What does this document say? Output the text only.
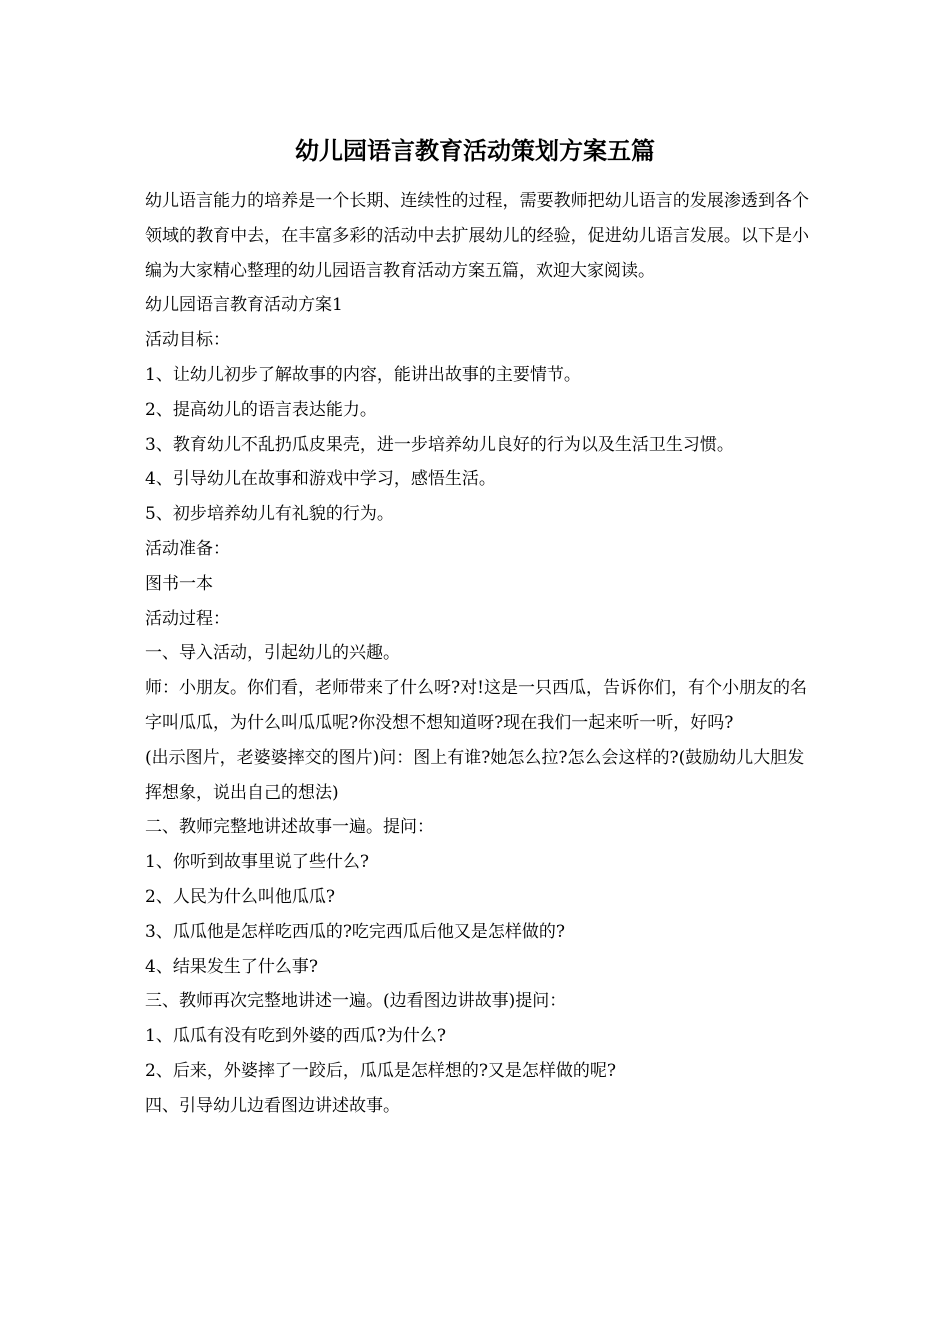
幼儿园语言教育活动策划方案五篇

幼儿语言能力的培养是一个长期、连续性的过程，需要教师把幼儿语言的发展渗透到各个领域的教育中去，在丰富多彩的活动中去扩展幼儿的经验，促进幼儿语言发展。以下是小编为大家精心整理的幼儿园语言教育活动方案五篇，欢迎大家阅读。

幼儿园语言教育活动方案1

活动目标：

1、让幼儿初步了解故事的内容，能讲出故事的主要情节。

2、提高幼儿的语言表达能力。

3、教育幼儿不乱扔瓜皮果壳，进一步培养幼儿良好的行为以及生活卫生习惯。

4、引导幼儿在故事和游戏中学习，感悟生活。

5、初步培养幼儿有礼貌的行为。

活动准备：

图书一本

活动过程：

一、导入活动，引起幼儿的兴趣。

师：小朋友。你们看，老师带来了什么呀?对!这是一只西瓜，告诉你们，有个小朋友的名字叫瓜瓜，为什么叫瓜瓜呢?你没想不想知道呀?现在我们一起来听一听，好吗?

(出示图片，老婆婆摔交的图片)问：图上有谁?她怎么拉?怎么会这样的?(鼓励幼儿大胆发挥想象，说出自己的想法)

二、教师完整地讲述故事一遍。提问：

1、你听到故事里说了些什么?

2、人民为什么叫他瓜瓜?

3、瓜瓜他是怎样吃西瓜的?吃完西瓜后他又是怎样做的?

4、结果发生了什么事?

三、教师再次完整地讲述一遍。(边看图边讲故事)提问：

1、瓜瓜有没有吃到外婆的西瓜?为什么?

2、后来，外婆摔了一跤后，瓜瓜是怎样想的?又是怎样做的呢?

四、引导幼儿边看图边讲述故事。
